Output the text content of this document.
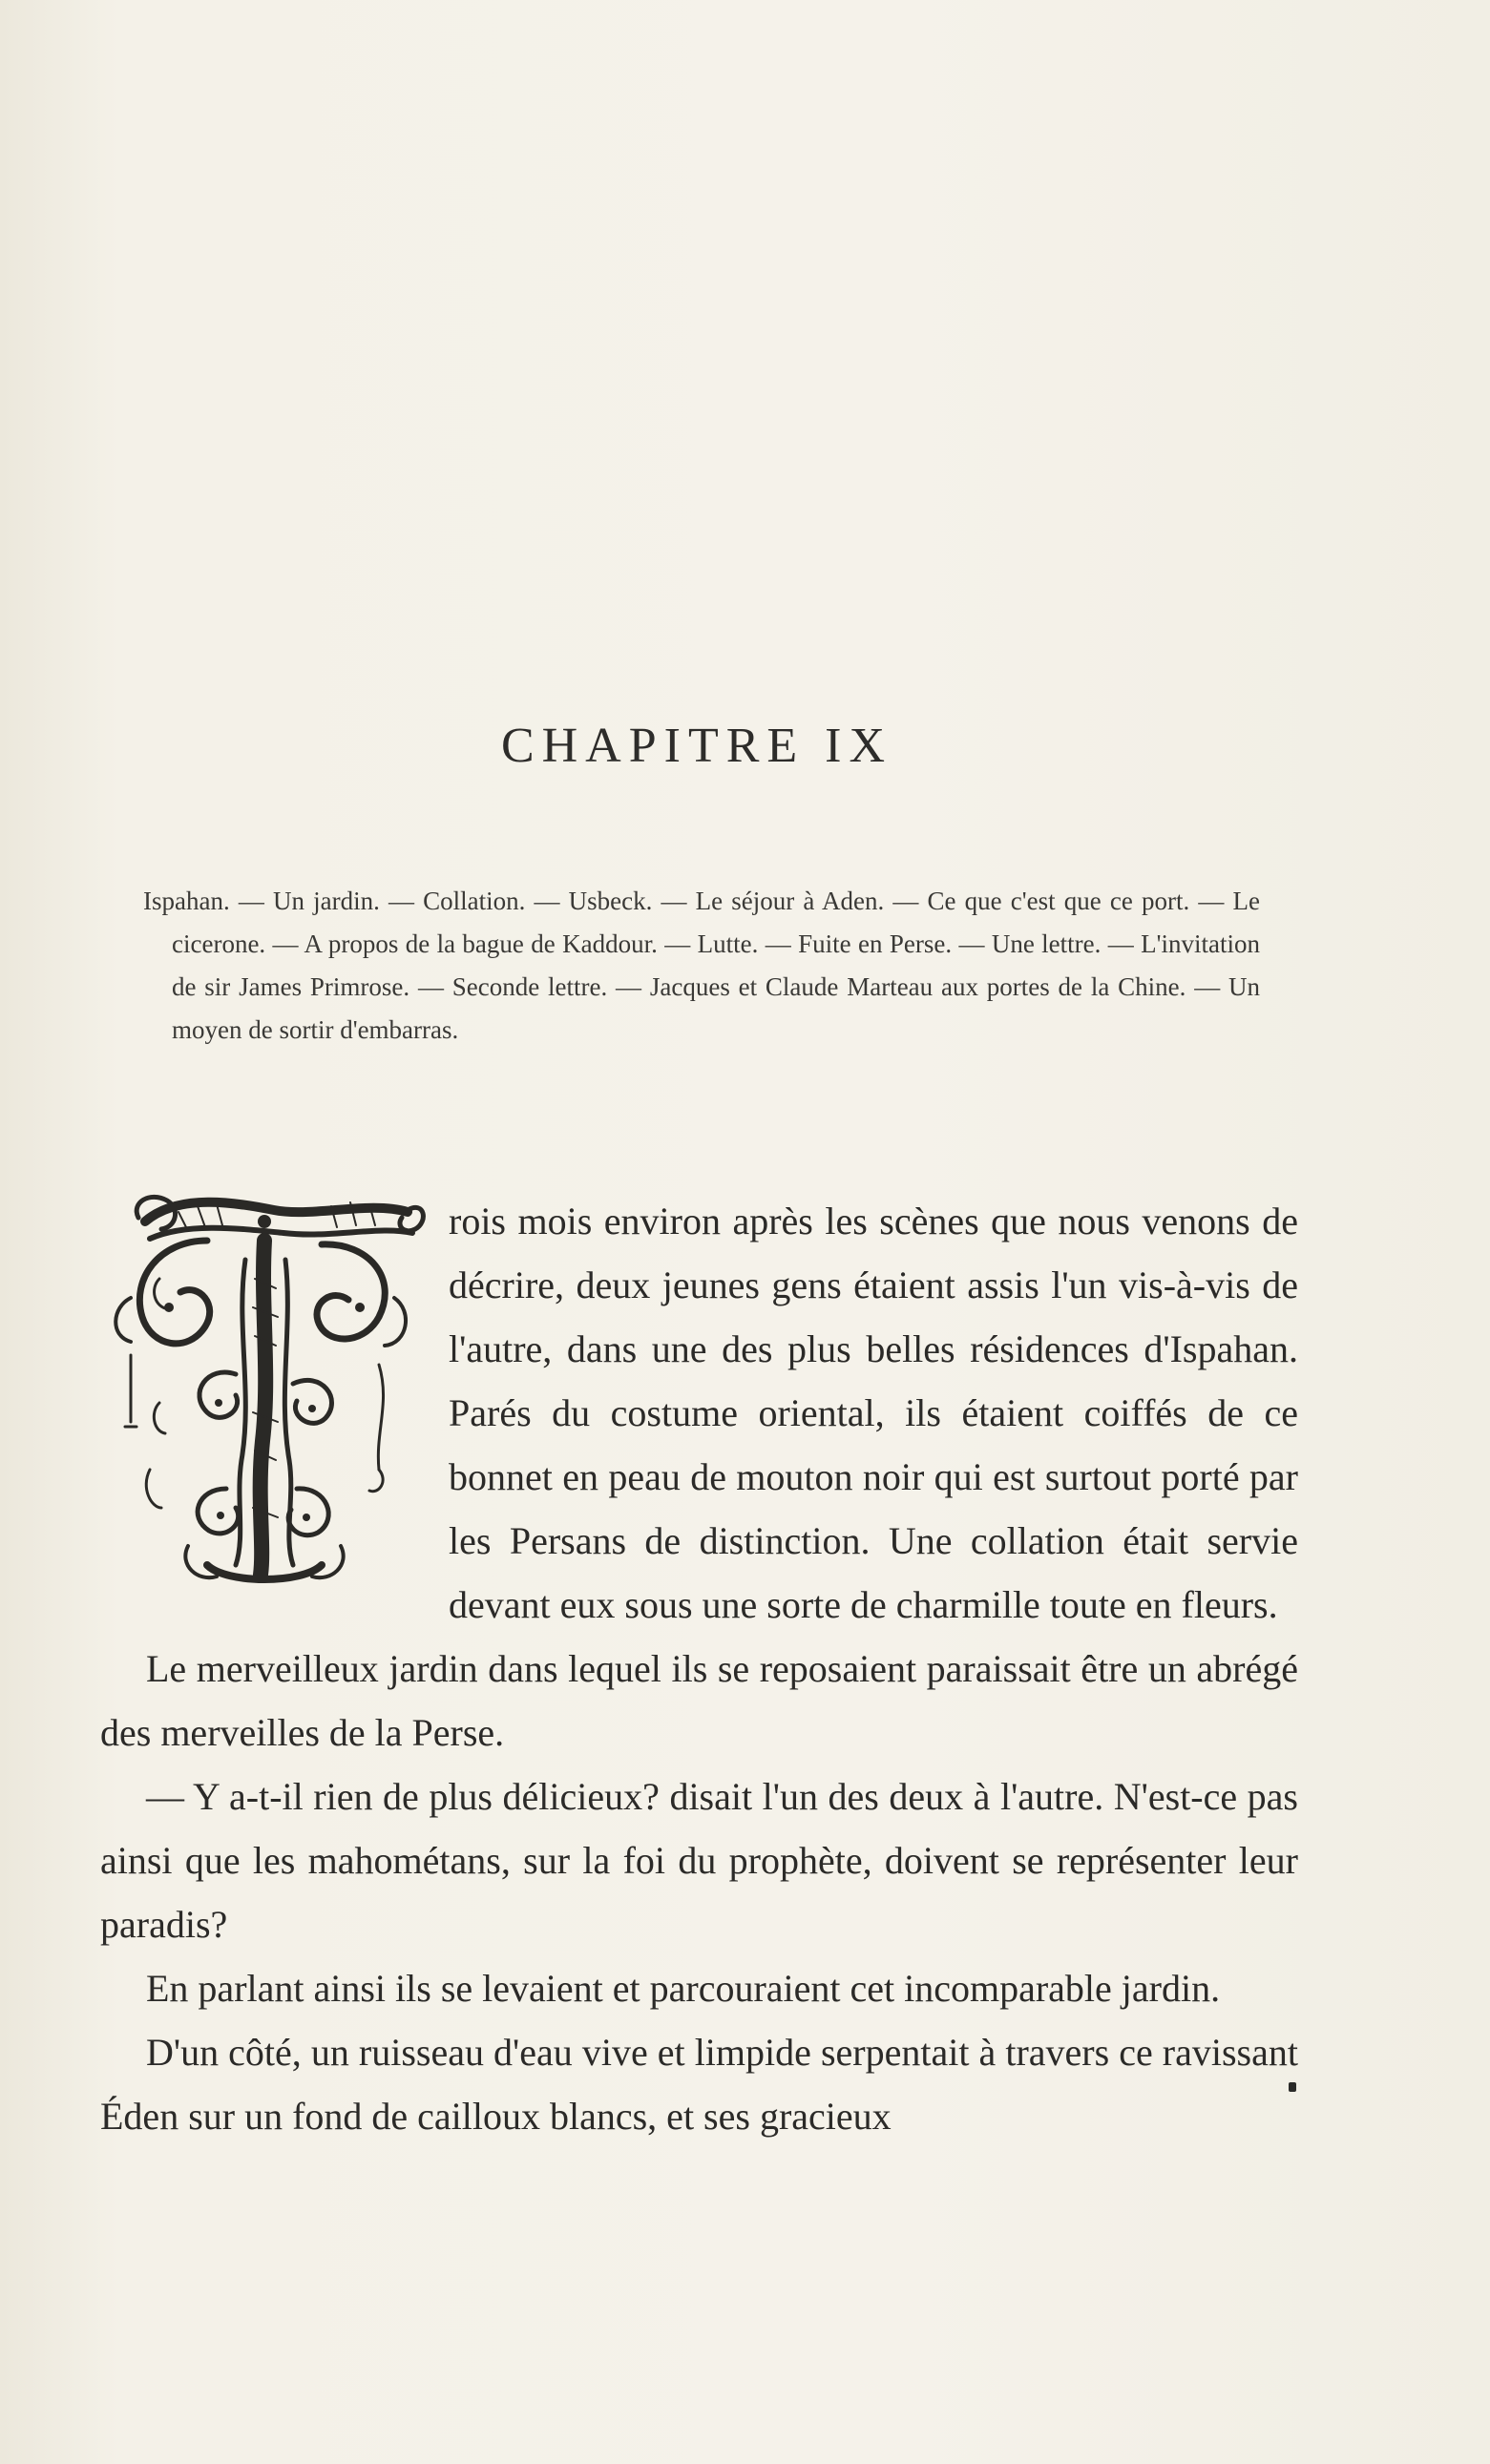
CHAPITRE IX

Ispahan. — Un jardin. — Collation. — Usbeck. — Le séjour à Aden. — Ce que c'est que ce port. — Le cicerone. — A propos de la bague de Kaddour. — Lutte. — Fuite en Perse. — Une lettre. — L'invitation de sir James Primrose. — Seconde lettre. — Jacques et Claude Marteau aux portes de la Chine. — Un moyen de sortir d'embarras.

rois mois environ après les scènes que nous venons de décrire, deux jeunes gens étaient assis l'un vis-à-vis de l'autre, dans une des plus belles résidences d'Ispahan. Parés du costume oriental, ils étaient coiffés de ce bonnet en peau de mouton noir qui est surtout porté par les Persans de distinction. Une collation était servie devant eux sous une sorte de charmille toute en fleurs.

Le merveilleux jardin dans lequel ils se reposaient paraissait être un abrégé des merveilles de la Perse.

— Y a-t-il rien de plus délicieux? disait l'un des deux à l'autre. N'est-ce pas ainsi que les mahométans, sur la foi du prophète, doivent se représenter leur paradis?

En parlant ainsi ils se levaient et parcouraient cet incomparable jardin.

D'un côté, un ruisseau d'eau vive et limpide serpentait à travers ce ravissant Éden sur un fond de cailloux blancs, et ses gracieux
